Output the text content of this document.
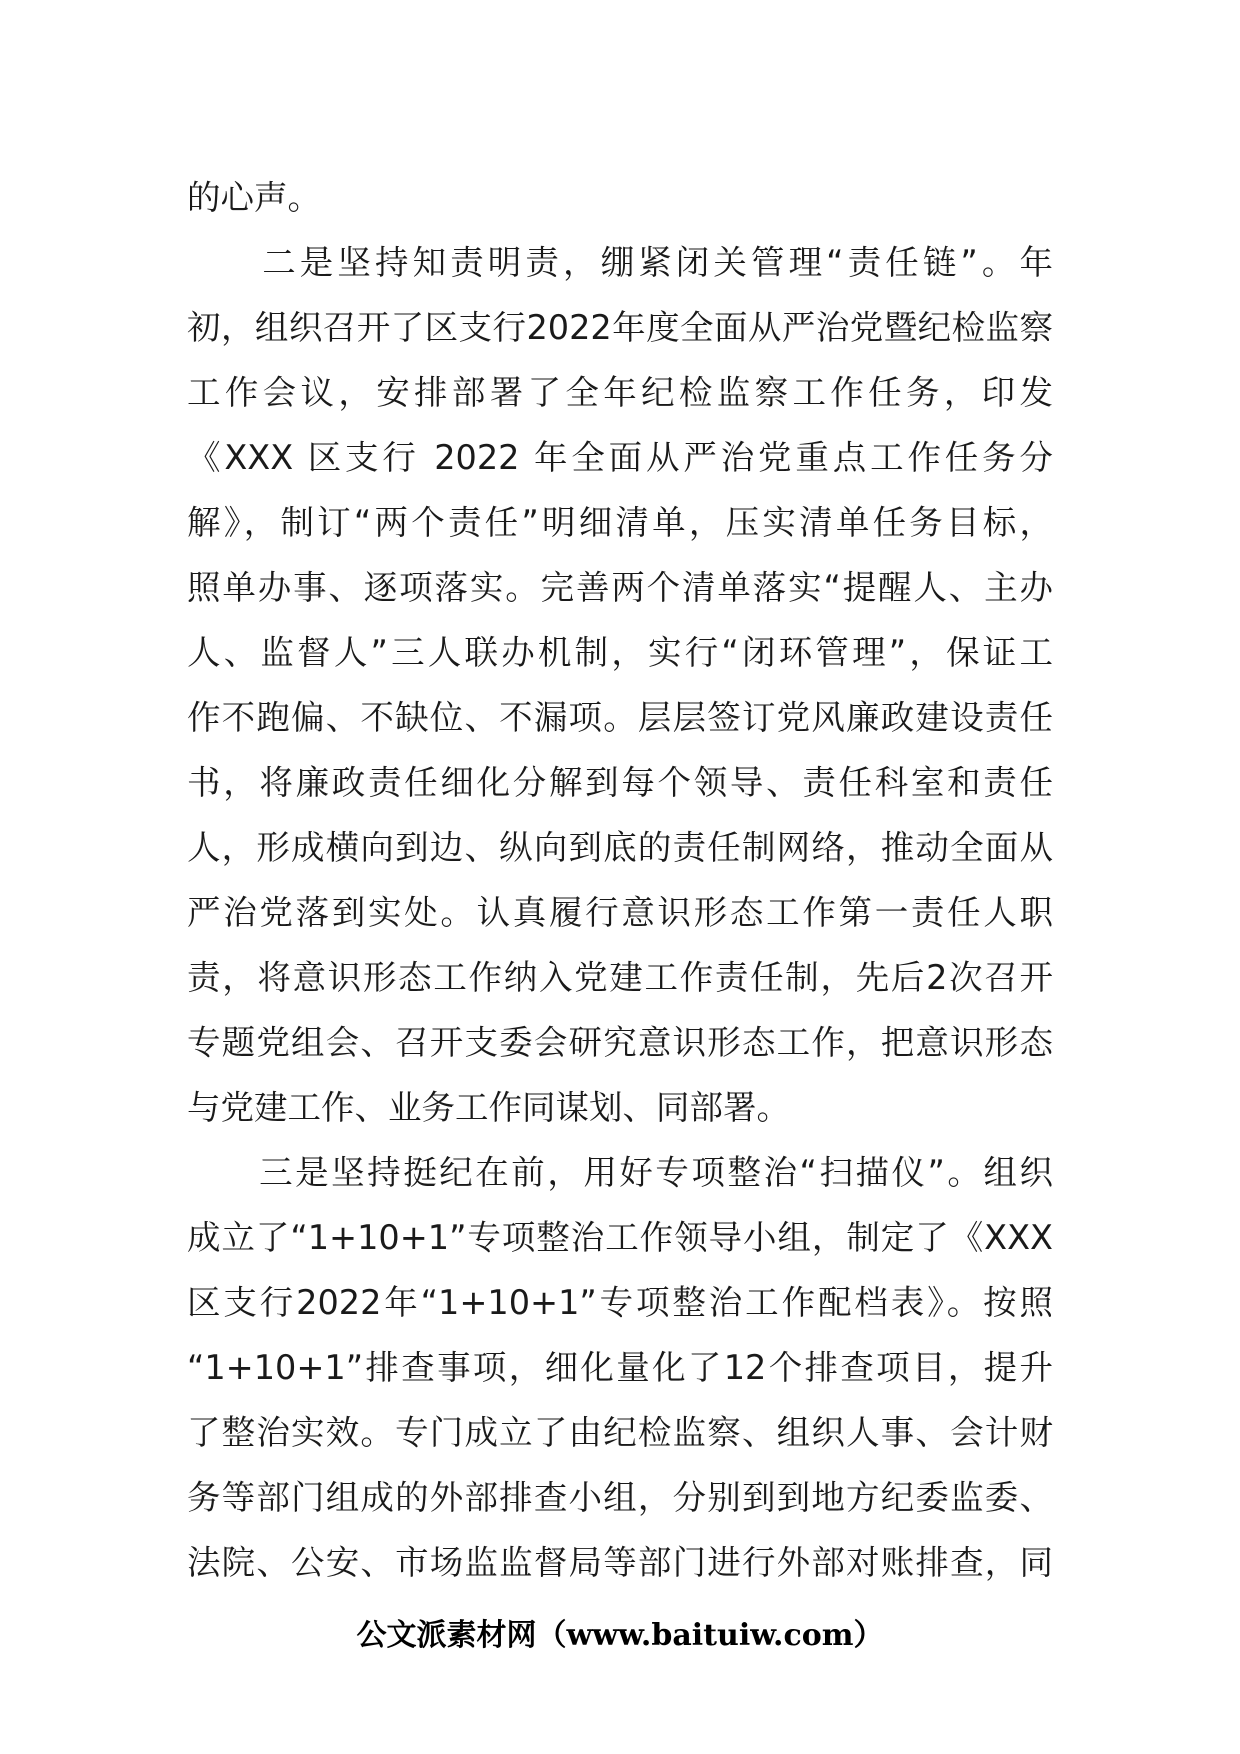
的心声。
　　二是坚持知责明责，绷紧闭关管理“责任链”。年
初，组织召开了区支行2022年度全面从严治党暨纪检监察
工作会议，安排部署了全年纪检监察工作任务，印发
《XXX 区支行 2022 年全面从严治党重点工作任务分
解》，制订“两个责任”明细清单，压实清单任务目标，
照单办事、逐项落实。完善两个清单落实“提醒人、主办
人、监督人”三人联办机制，实行“闭环管理”，保证工
作不跑偏、不缺位、不漏项。层层签订党风廉政建设责任
书，将廉政责任细化分解到每个领导、责任科室和责任
人，形成横向到边、纵向到底的责任制网络，推动全面从
严治党落到实处。认真履行意识形态工作第一责任人职
责，将意识形态工作纳入党建工作责任制，先后2次召开
专题党组会、召开支委会研究意识形态工作，把意识形态
与党建工作、业务工作同谋划、同部署。
　　三是坚持挺纪在前，用好专项整治“扫描仪”。组织
成立了“1+10+1”专项整治工作领导小组，制定了《XXX
区支行2022年“1+10+1”专项整治工作配档表》。按照
“1+10+1”排查事项，细化量化了12个排查项目，提升
了整治实效。专门成立了由纪检监察、组织人事、会计财
务等部门组成的外部排查小组，分别到到地方纪委监委、
法院、公安、市场监监督局等部门进行外部对账排查，同
公文派素材网（www.baituiw.com）
